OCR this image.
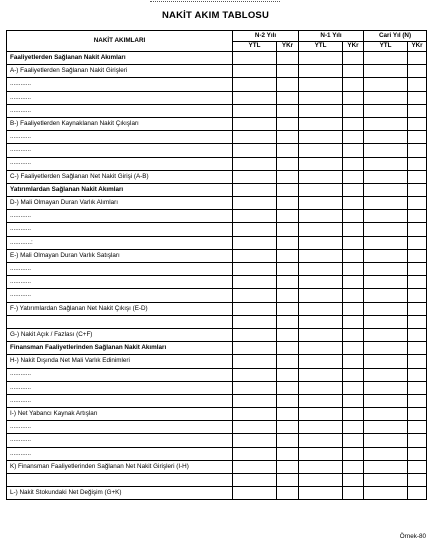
NAKİT AKIM TABLOSU
NAKİT AKIMLARI	N-2 Yılı		N-1 Yılı		Cari Yıl (N)	
	YTL	YKr	YTL	YKr	YTL	YKr
Faaliyetlerden Sağlanan Nakit Akımları						
A-) Faaliyetlerden Sağlanan Nakit Girişleri						
............						
............						
............						
B-) Faaliyetlerden Kaynaklanan Nakit Çıkışları						
............						
............						
............						
C-) Faaliyetlerden Sağlanan Net Nakit Girişi (A-B)						
Yatırımlardan Sağlanan Nakit Akımları						
D-) Mali Olmayan Duran Varlık Alımları						
............						
............						
............:						
E-) Mali Olmayan Duran Varlık Satışları						
............						
............						
............						
F-) Yatırımlardan Sağlanan Net Nakit Çıkışı (E-D)						

G-) Nakit Açık / Fazlası (C+F)						
Finansman Faaliyetlerinden Sağlanan Nakit Akımları						
H-) Nakit Dışında Net Mali Varlık Edinimleri						
............						
............						
............						
I-) Net Yabancı Kaynak Artışları						
............						
............						
............						
K) Finansman Faaliyetlerinden Sağlanan Net Nakit Girişleri (I-H)						

L-) Nakit Stokundaki Net Değişim (G+K)						
Örnek-80
